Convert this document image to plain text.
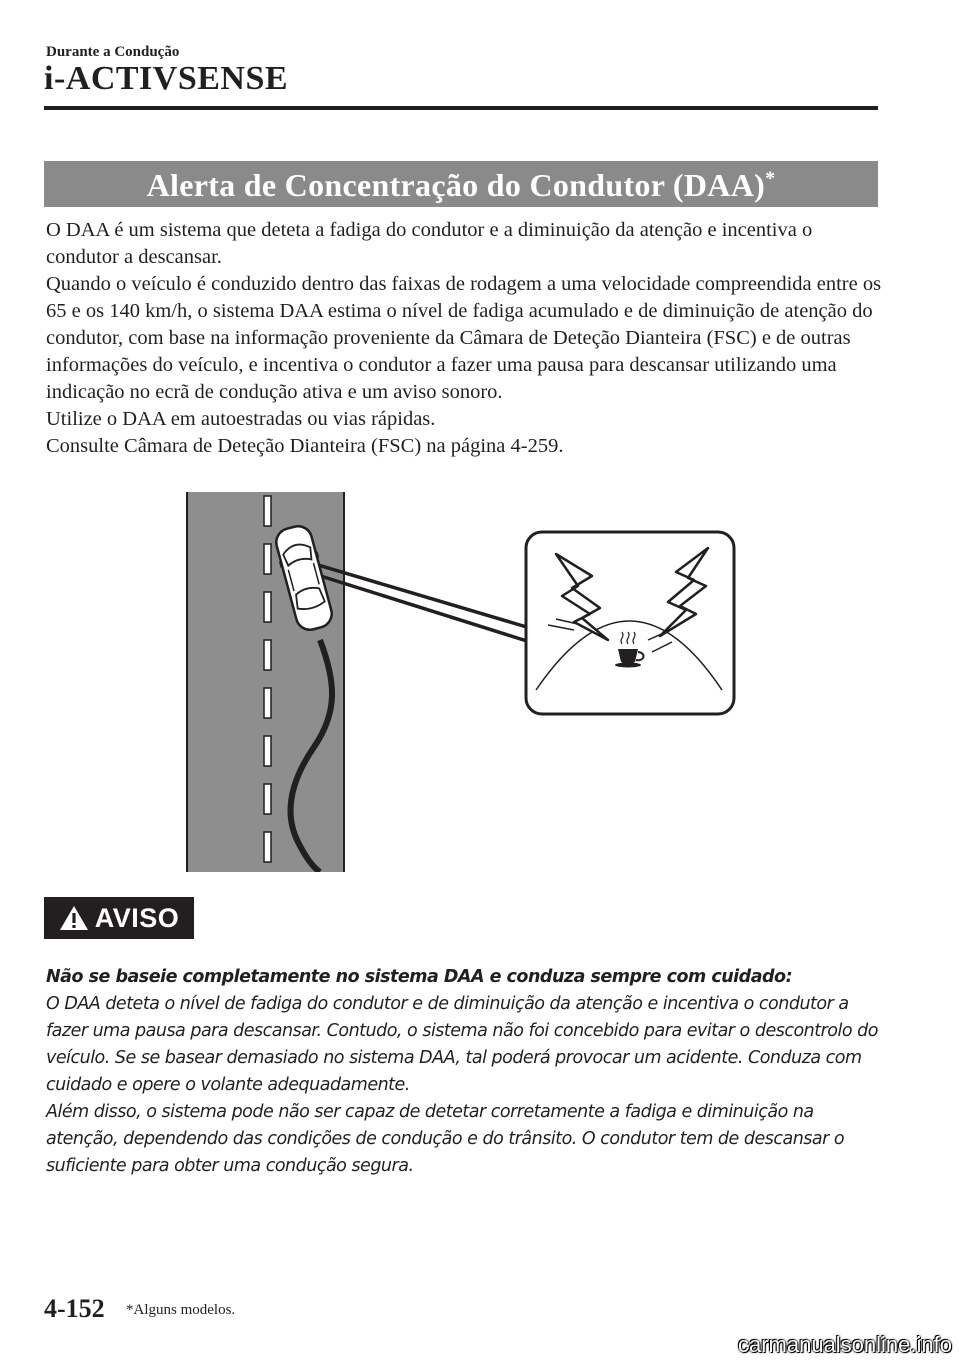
Durante a Condução
i-ACTIVSENSE
Alerta de Concentração do Condutor (DAA)*

O DAA é um sistema que deteta a fadiga do condutor e a diminuição da atenção e incentiva o condutor a descansar.

Quando o veículo é conduzido dentro das faixas de rodagem a uma velocidade compreendida entre os 65 e os 140 km/h, o sistema DAA estima o nível de fadiga acumulado e de diminuição de atenção do condutor, com base na informação proveniente da Câmara de Deteção Dianteira (FSC) e de outras informações do veículo, e incentiva o condutor a fazer uma pausa para descansar utilizando uma indicação no ecrã de condução ativa e um aviso sonoro.

Utilize o DAA em autoestradas ou vias rápidas.

Consulte Câmara de Deteção Dianteira (FSC) na página 4-259.

AVISO

Não se baseie completamente no sistema DAA e conduza sempre com cuidado:

O DAA deteta o nível de fadiga do condutor e de diminuição da atenção e incentiva o condutor a fazer uma pausa para descansar. Contudo, o sistema não foi concebido para evitar o descontrolo do veículo. Se se basear demasiado no sistema DAA, tal poderá provocar um acidente. Conduza com cuidado e opere o volante adequadamente.

Além disso, o sistema pode não ser capaz de detetar corretamente a fadiga e diminuição na atenção, dependendo das condições de condução e do trânsito. O condutor tem de descansar o suficiente para obter uma condução segura.

4-152 *Alguns modelos.
carmanualsonline.info
